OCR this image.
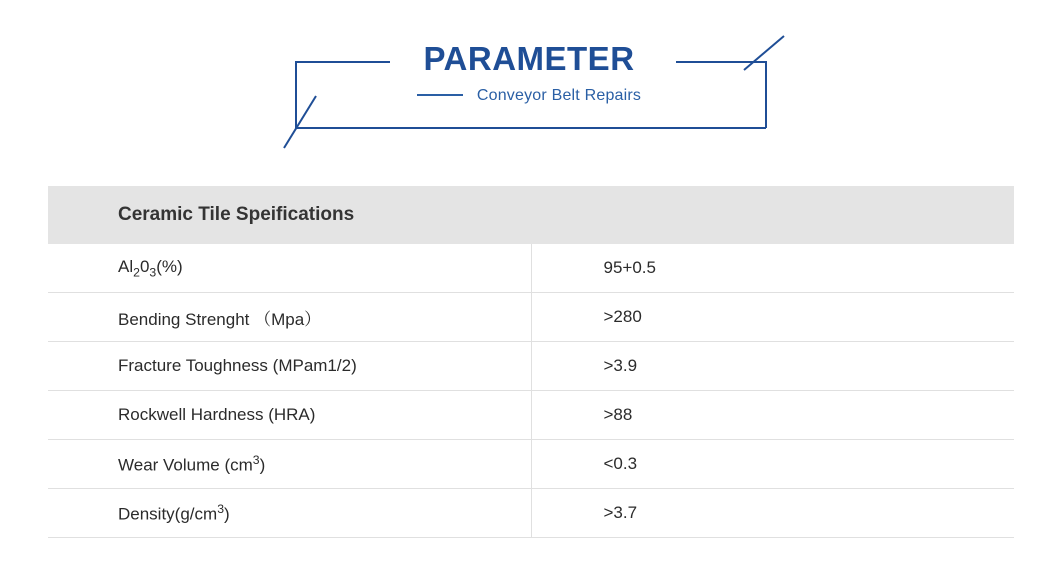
PARAMETER
Conveyor Belt Repairs
Ceramic Tile Speifications	
$Al_20_3(\%)$	95+0.5
Bending Strenght （Mpa）	>280
Fracture Toughness (MPam1/2)	>3.9
Rockwell Hardness (HRA)	>88
Wear Volume $(cm^3)$	<0.3
$Density(g/cm^3)$	>3.7
